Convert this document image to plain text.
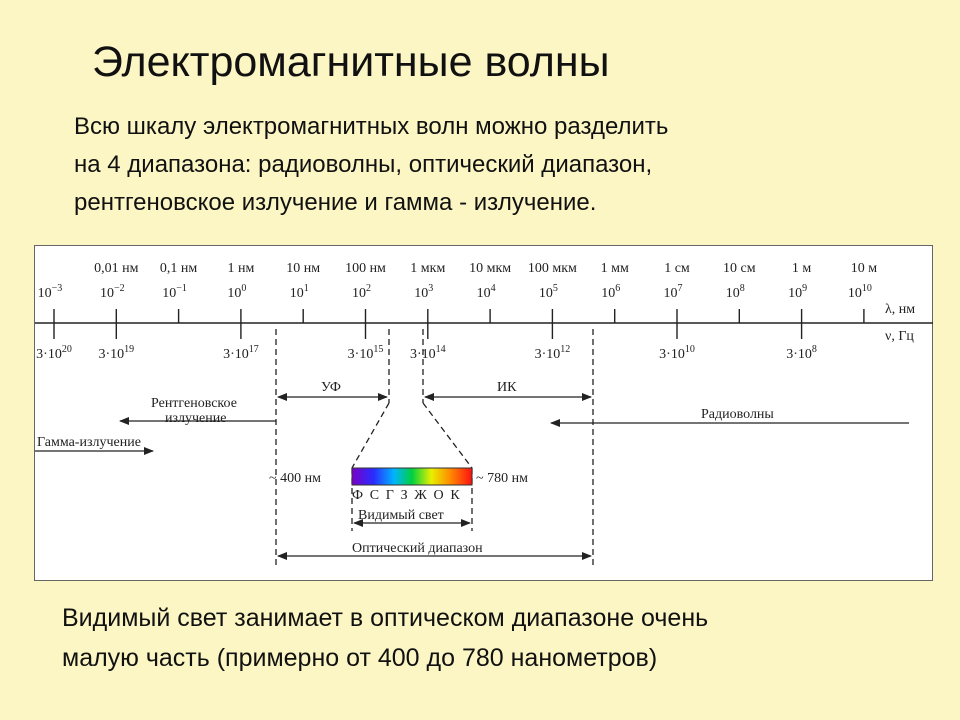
Электромагнитные волны
Всю шкалу электромагнитных волн можно разделить
на 4 диапазона: радиоволны, оптический диапазон,
рентгеновское излучение и гамма - излучение.
0,01 нм 0,1 нм 1 нм 10 нм 100 нм 1 мкм 10 мкм 100 мкм 1 мм	1 см 10 см	1 м	10 м
$10^{-3}$	$10^{-2}$	$10^{-1}$	$10^0$	$10^1$	$10^2$	$10^3$	$10^4$	$10^5$	$10^6$	$10^7$	$10^8$	$10^9$	$10^{10}$
$3\cdot 10^{20}$ $3\cdot 10^{19}$	$3\cdot 10^{17}$	$3\cdot 10^{15}$ $3\cdot 10^{14}$	$3\cdot 10^{12}$	$3\cdot 10^{10}$	$3\cdot 10^8$
λ, нм
ν, Гц
УФ	ИК
Рентгеновское
излучение	Радиоволны
Гамма-излучение
~ 400 нм	~ 780 нм
Ф С Г З Ж О К
Видимый свет
Оптический диапазон
Видимый свет занимает в оптическом диапазоне очень
малую часть (примерно от 400 до 780 нанометров)
